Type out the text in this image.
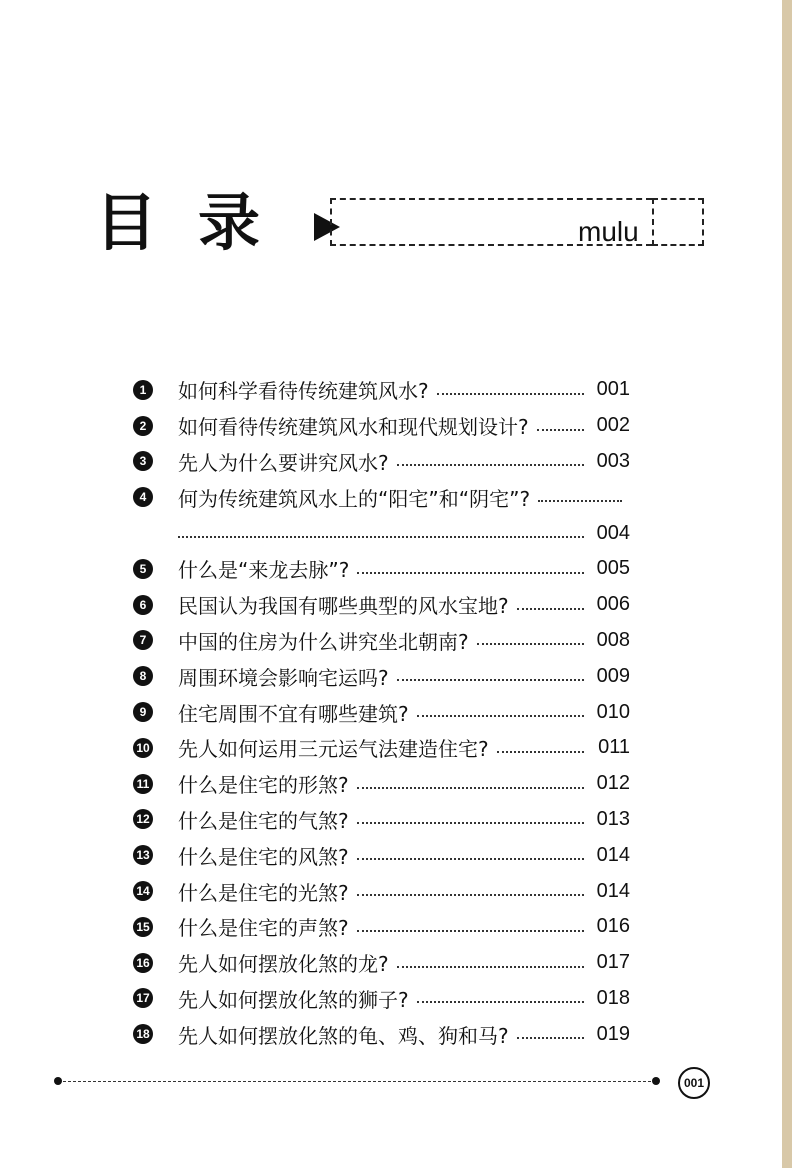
目 录	mulu
1	如何科学看待传统建筑风水?	001
2	如何看待传统建筑风水和现代规划设计?	002
3	先人为什么要讲究风水?	003
4	何为传统建筑风水上的“阳宅”和“阴宅”?
004
5	什么是“来龙去脉”?	005
6	民国认为我国有哪些典型的风水宝地?	006
7	中国的住房为什么讲究坐北朝南?	008
8	周围环境会影响宅运吗?	009
9	住宅周围不宜有哪些建筑?	010
10 先人如何运用三元运气法建造住宅?	011
11 什么是住宅的形煞?	012
12 什么是住宅的气煞?	013
13 什么是住宅的风煞?	014
14 什么是住宅的光煞?	014
15 什么是住宅的声煞?	016
16 先人如何摆放化煞的龙?	017
17 先人如何摆放化煞的狮子?	018
18 先人如何摆放化煞的龟、鸡、狗和马?	019
001
